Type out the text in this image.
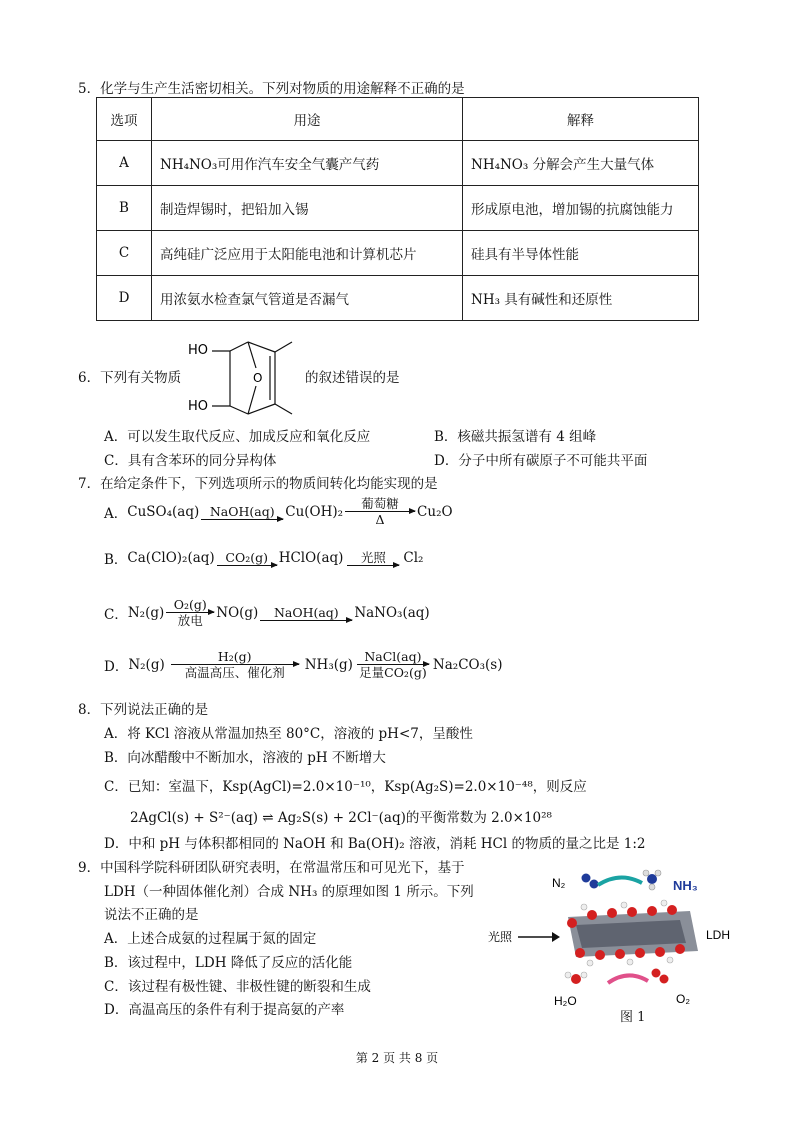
5．化学与生产生活密切相关。下列对物质的用途解释不正确的是
选项	用途	解释
A	NH₄NO₃可用作汽车安全气囊产气药	NH₄NO₃ 分解会产生大量气体
B	制造焊锡时，把铅加入锡	形成原电池，增加锡的抗腐蚀能力
C	高纯硅广泛应用于太阳能电池和计算机芯片	硅具有半导体性能
D	用浓氨水检查氯气管道是否漏气	NH₃ 具有碱性和还原性
6．下列有关物质
HO
HO
O	的叙述错误的是
A．可以发生取代反应、加成反应和氧化反应	B．核磁共振氢谱有 4 组峰
C．具有含苯环的同分异构体	D．分子中所有碳原子不可能共平面
7．在给定条件下，下列选项所示的物质间转化均能实现的是
A． CuSO₄(aq) NaOH(aq) Cu(OH)₂
葡萄糖
Δ	Cu₂O
B． Ca(ClO)₂(aq) CO₂(g) HClO(aq)	光照	Cl₂
C． N₂(g)
O₂(g)
放电	NO(g)	NaOH(aq)	NaNO₃(aq)
D． N₂(g)
H₂(g)
高温高压、催化剂	NH₃(g)
NaCl(aq)
足量CO₂(g) Na₂CO₃(s)
8．下列说法正确的是
A．将 KCl 溶液从常温加热至 80°C，溶液的 pH<7，呈酸性
B．向冰醋酸中不断加水，溶液的 pH 不断增大
C．已知：室温下，Ksp(AgCl)=2.0×10⁻¹⁰，Ksp(Ag₂S)=2.0×10⁻⁴⁸，则反应
2AgCl(s) + S²⁻(aq) ⇌ Ag₂S(s) + 2Cl⁻(aq)的平衡常数为 2.0×10²⁸
D．中和 pH 与体积都相同的 NaOH 和 Ba(OH)₂ 溶液，消耗 HCl 的物质的量之比是 1:2
9．中国科学院科研团队研究表明，在常温常压和可见光下，基于
LDH（一种固体催化剂）合成 NH₃ 的原理如图 1 所示。下列
说法不正确的是
A．上述合成氨的过程属于氮的固定
B．该过程中，LDH 降低了反应的活化能
C．该过程有极性键、非极性键的断裂和生成
D．高温高压的条件有利于提高氨的产率
N₂	NH₃
光照	LDH
H₂O	O₂
图 1
第 2 页 共 8 页
